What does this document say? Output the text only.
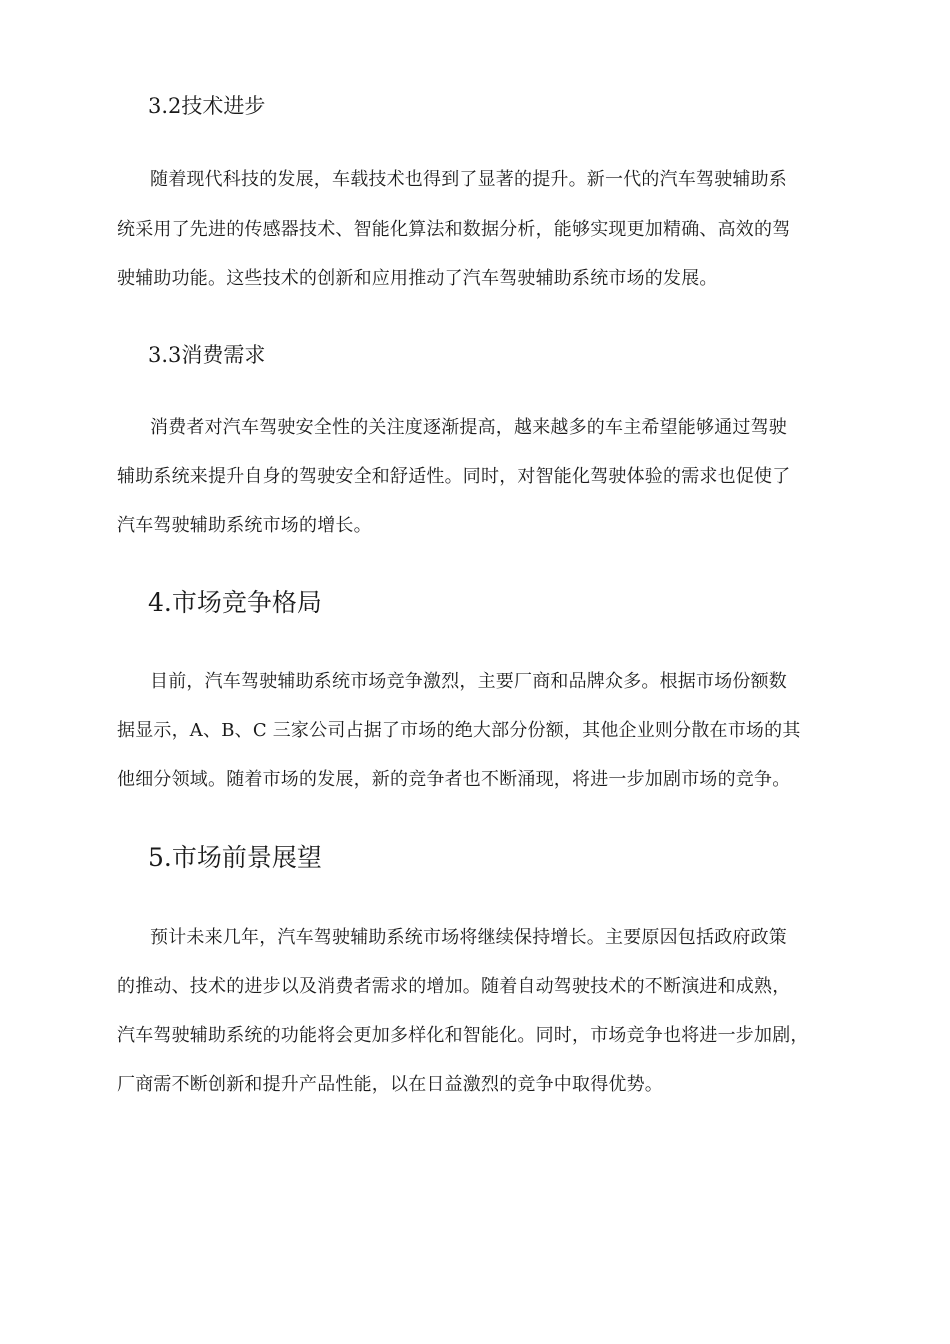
3.2技术进步
随着现代科技的发展，车载技术也得到了显著的提升。新一代的汽车驾驶辅助系
统采用了先进的传感器技术、智能化算法和数据分析，能够实现更加精确、高效的驾
驶辅助功能。这些技术的创新和应用推动了汽车驾驶辅助系统市场的发展。
3.3消费需求
消费者对汽车驾驶安全性的关注度逐渐提高，越来越多的车主希望能够通过驾驶
辅助系统来提升自身的驾驶安全和舒适性。同时，对智能化驾驶体验的需求也促使了
汽车驾驶辅助系统市场的增长。
4.市场竞争格局
目前，汽车驾驶辅助系统市场竞争激烈，主要厂商和品牌众多。根据市场份额数
据显示，A、B、C 三家公司占据了市场的绝大部分份额，其他企业则分散在市场的其
他细分领域。随着市场的发展，新的竞争者也不断涌现，将进一步加剧市场的竞争。
5.市场前景展望
预计未来几年，汽车驾驶辅助系统市场将继续保持增长。主要原因包括政府政策
的推动、技术的进步以及消费者需求的增加。随着自动驾驶技术的不断演进和成熟，
汽车驾驶辅助系统的功能将会更加多样化和智能化。同时，市场竞争也将进一步加剧，
厂商需不断创新和提升产品性能，以在日益激烈的竞争中取得优势。
